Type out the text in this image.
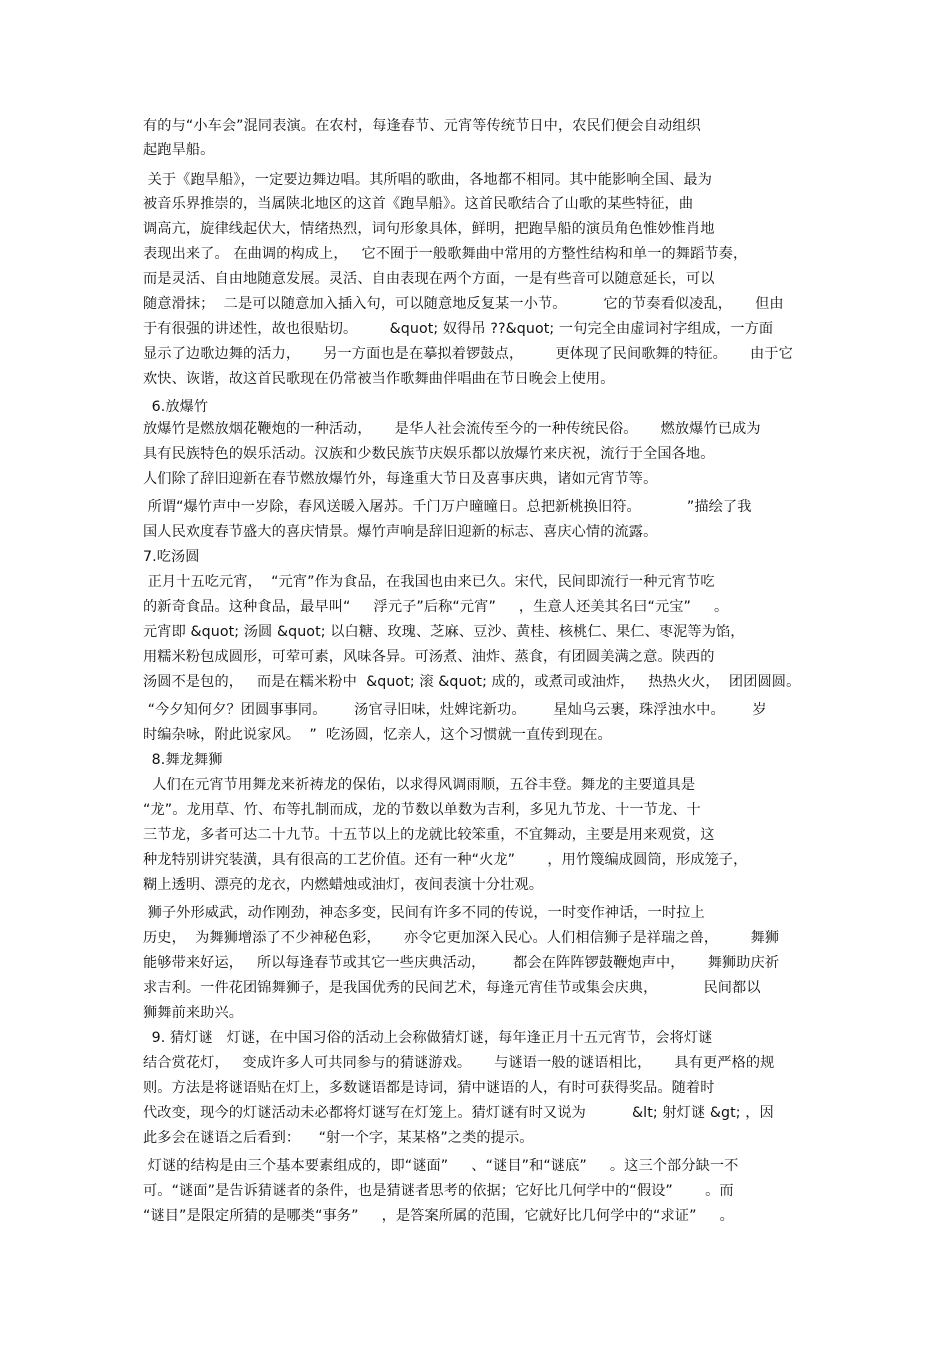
有的与“小车会”混同表演。在农村，每逢春节、元宵等传统节日中，农民们便会自动组织
起跑旱船。
关于《跑旱船》，一定要边舞边唱。其所唱的歌曲，各地都不相同。其中能影响全国、最为
被音乐界推崇的，当属陕北地区的这首《跑旱船》。这首民歌结合了山歌的某些特征，曲
调高亢，旋律线起伏大，情绪热烈，词句形象具体，鲜明，把跑旱船的演员角色惟妙惟肖地
表现出来了。 在曲调的构成上，   它不囿于一般歌舞曲中常用的方整性结构和单一的舞蹈节奏，
而是灵活、自由地随意发展。灵活、自由表现在两个方面，一是有些音可以随意延长，可以
随意滑抹；  二是可以随意加入插入句，可以随意地反复某一小节。        它的节奏看似凌乱，     但由
于有很强的讲述性，故也很贴切。       &quot; 奴得吊 ??&quot; 一句完全由虚词衬字组成，一方面
显示了边歌边舞的活力，     另一方面也是在摹拟着锣鼓点，       更体现了民间歌舞的特征。     由于它
欢快、诙谐，故这首民歌现在仍常被当作歌舞曲伴唱曲在节日晚会上使用。
6.放爆竹
放爆竹是燃放烟花鞭炮的一种活动，     是华人社会流传至今的一种传统民俗。     燃放爆竹已成为
具有民族特色的娱乐活动。汉族和少数民族节庆娱乐都以放爆竹来庆祝，流行于全国各地。
人们除了辞旧迎新在春节燃放爆竹外，每逢重大节日及喜事庆典，诸如元宵节等。
所谓“爆竹声中一岁除，春风送暖入屠苏。千门万户曈曈日。总把新桃换旧符。          ”描绘了我
国人民欢度春节盛大的喜庆情景。爆竹声响是辞旧迎新的标志、喜庆心情的流露。
7.吃汤圆
正月十五吃元宵，  “元宵”作为食品，在我国也由来已久。宋代，民间即流行一种元宵节吃
的新奇食品。这种食品，最早叫“     浮元子”后称“元宵”     ，生意人还美其名曰“元宝”     。
元宵即 &quot; 汤圆 &quot; 以白糖、玫瑰、芝麻、豆沙、黄桂、核桃仁、果仁、枣泥等为馅，
用糯米粉包成圆形，可荤可素，风味各异。可汤煮、油炸、蒸食，有团圆美满之意。陕西的
汤圆不是包的，   而是在糯米粉中  &quot; 滚 &quot; 成的，或煮司或油炸，   热热火火，  团团圆圆。
“今夕知何夕？团圆事事同。      汤官寻旧味，灶婢诧新功。      星灿乌云裹，珠浮浊水中。      岁
时编杂咏，附此说家风。  ”  吃汤圆，忆亲人，这个习惯就一直传到现在。
8.舞龙舞狮
人们在元宵节用舞龙来祈祷龙的保佑，以求得风调雨顺，五谷丰登。舞龙的主要道具是
“龙”。龙用草、竹、布等扎制而成，龙的节数以单数为吉利，多见九节龙、十一节龙、十
三节龙，多者可达二十九节。十五节以上的龙就比较笨重，不宜舞动，主要是用来观赏，这
种龙特别讲究装潢，具有很高的工艺价值。还有一种“火龙”       ，用竹篾编成圆筒，形成笼子，
糊上透明、漂亮的龙衣，内燃蜡烛或油灯，夜间表演十分壮观。
狮子外形威武，动作刚劲，神态多变，民间有许多不同的传说，一时变作神话，一时拉上
历史，  为舞狮增添了不少神秘色彩，     亦令它更加深入民心。人们相信狮子是祥瑞之兽，       舞狮
能够带来好运，   所以每逢春节或其它一些庆典活动，      都会在阵阵锣鼓鞭炮声中，     舞狮助庆祈
求吉利。一件花团锦舞狮子，是我国优秀的民间艺术，每逢元宵佳节或集会庆典，          民间都以
狮舞前来助兴。
9. 猜灯谜   灯谜，在中国习俗的活动上会称做猜灯谜，每年逢正月十五元宵节，会将灯谜
结合赏花灯，   变成许多人可共同参与的猜谜游戏。     与谜语一般的谜语相比，     具有更严格的规
则。方法是将谜语贴在灯上，多数谜语都是诗词，猜中谜语的人，有时可获得奖品。随着时
代改变，现今的灯谜活动未必都将灯谜写在灯笼上。猜灯谜有时又说为          &lt; 射灯谜 &gt; ，因
此多会在谜语之后看到：    “射一个字，某某格”之类的提示。
灯谜的结构是由三个基本要素组成的，即“谜面”     、“谜目”和“谜底”     。这三个部分缺一不
可。“谜面”是告诉猜谜者的条件，也是猜谜者思考的依据；它好比几何学中的“假设”       。而
“谜目”是限定所猜的是哪类“事务”     ，是答案所属的范围，它就好比几何学中的“求证”     。
